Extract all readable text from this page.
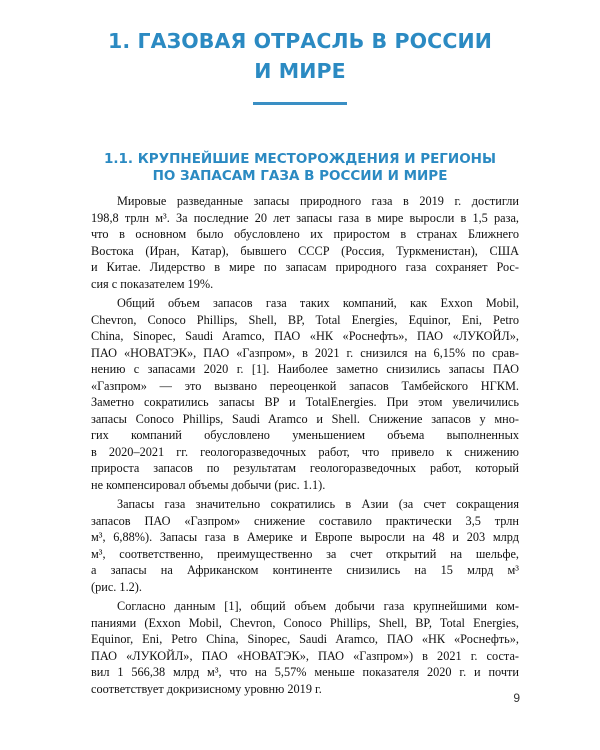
1. ГАЗОВАЯ ОТРАСЛЬ В РОССИИ
И МИРЕ
1.1. КРУПНЕЙШИЕ МЕСТОРОЖДЕНИЯ И РЕГИОНЫ
ПО ЗАПАСАМ ГАЗА В РОССИИ И МИРЕ

Мировые разведанные запасы природного газа в 2019 г. достигли
198,8 трлн м³. За последние 20 лет запасы газа в мире выросли в 1,5 раза,
что в основном было обусловлено их приростом в странах Ближнего
Востока (Иран, Катар), бывшего СССР (Россия, Туркменистан), США
и Китае. Лидерство в мире по запасам природного газа сохраняет Рос-
сия с показателем 19%.

Общий объем запасов газа таких компаний, как Exxon Mobil,
Chevron, Conoco Phillips, Shell, BP, Total Energies, Equinor, Eni, Petro
China, Sinopec, Saudi Aramco, ПАО «НК «Роснефть», ПАО «ЛУКОЙЛ»,
ПАО «НОВАТЭК», ПАО «Газпром», в 2021 г. снизился на 6,15% по срав-
нению с запасами 2020 г. [1]. Наиболее заметно снизились запасы ПАО
«Газпром» — это вызвано переоценкой запасов Тамбейского НГКМ.
Заметно сократились запасы BP и TotalEnergies. При этом увеличились
запасы Conoco Phillips, Saudi Aramco и Shell. Снижение запасов у мно-
гих компаний обусловлено уменьшением объема выполненных
в 2020–2021 гг. геологоразведочных работ, что привело к снижению
прироста запасов по результатам геологоразведочных работ, который
не компенсировал объемы добычи (рис. 1.1).

Запасы газа значительно сократились в Азии (за счет сокращения
запасов ПАО «Газпром» снижение составило практически 3,5 трлн
м³, 6,88%). Запасы газа в Америке и Европе выросли на 48 и 203 млрд
м³, соответственно, преимущественно за счет открытий на шельфе,
а запасы на Африканском континенте снизились на 15 млрд м³
(рис. 1.2).

Согласно данным [1], общий объем добычи газа крупнейшими ком-
паниями (Exxon Mobil, Chevron, Conoco Phillips, Shell, BP, Total Energies,
Equinor, Eni, Petro China, Sinopec, Saudi Aramco, ПАО «НК «Роснефть»,
ПАО «ЛУКОЙЛ», ПАО «НОВАТЭК», ПАО «Газпром») в 2021 г. соста-
вил 1 566,38 млрд м³, что на 5,57% меньше показателя 2020 г. и почти
соответствует докризисному уровню 2019 г.

9
